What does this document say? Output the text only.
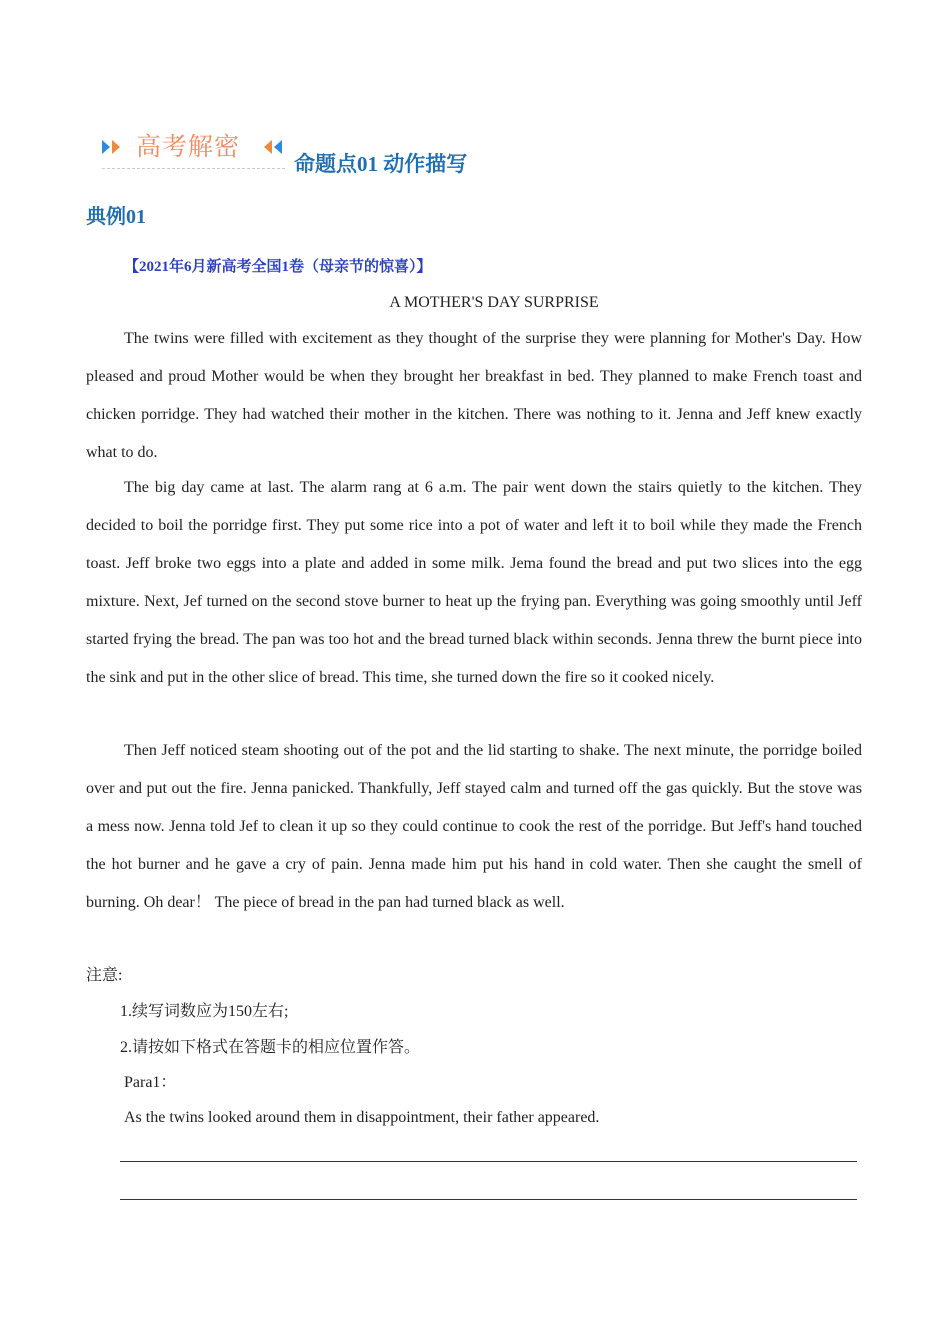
高考解密
命题点01 动作描写
典例01
【2021年6月新高考全国1卷（母亲节的惊喜）】
A MOTHER'S DAY SURPRISE

The twins were filled with excitement as they thought of the surprise they were planning for Mother's Day. How pleased and proud Mother would be when they brought her breakfast in bed. They planned to make French toast and chicken porridge. They had watched their mother in the kitchen. There was nothing to it. Jenna and Jeff knew exactly what to do.

The big day came at last. The alarm rang at 6 a.m. The pair went down the stairs quietly to the kitchen. They decided to boil the porridge first. They put some rice into a pot of water and left it to boil while they made the French toast. Jeff broke two eggs into a plate and added in some milk. Jema found the bread and put two slices into the egg mixture. Next, Jef turned on the second stove burner to heat up the frying pan. Everything was going smoothly until Jeff started frying the bread. The pan was too hot and the bread turned black within seconds. Jenna threw the burnt piece into the sink and put in the other slice of bread. This time, she turned down the fire so it cooked nicely.

Then Jeff noticed steam shooting out of the pot and the lid starting to shake. The next minute, the porridge boiled over and put out the fire. Jenna panicked. Thankfully, Jeff stayed calm and turned off the gas quickly. But the stove was a mess now. Jenna told Jef to clean it up so they could continue to cook the rest of the porridge. But Jeff's hand touched the hot burner and he gave a cry of pain. Jenna made him put his hand in cold water. Then she caught the smell of burning. Oh dear！ The piece of bread in the pan had turned black as well.

注意:
1.续写词数应为150左右;
2.请按如下格式在答题卡的相应位置作答。
Para1：
As the twins looked around them in disappointment, their father appeared.
